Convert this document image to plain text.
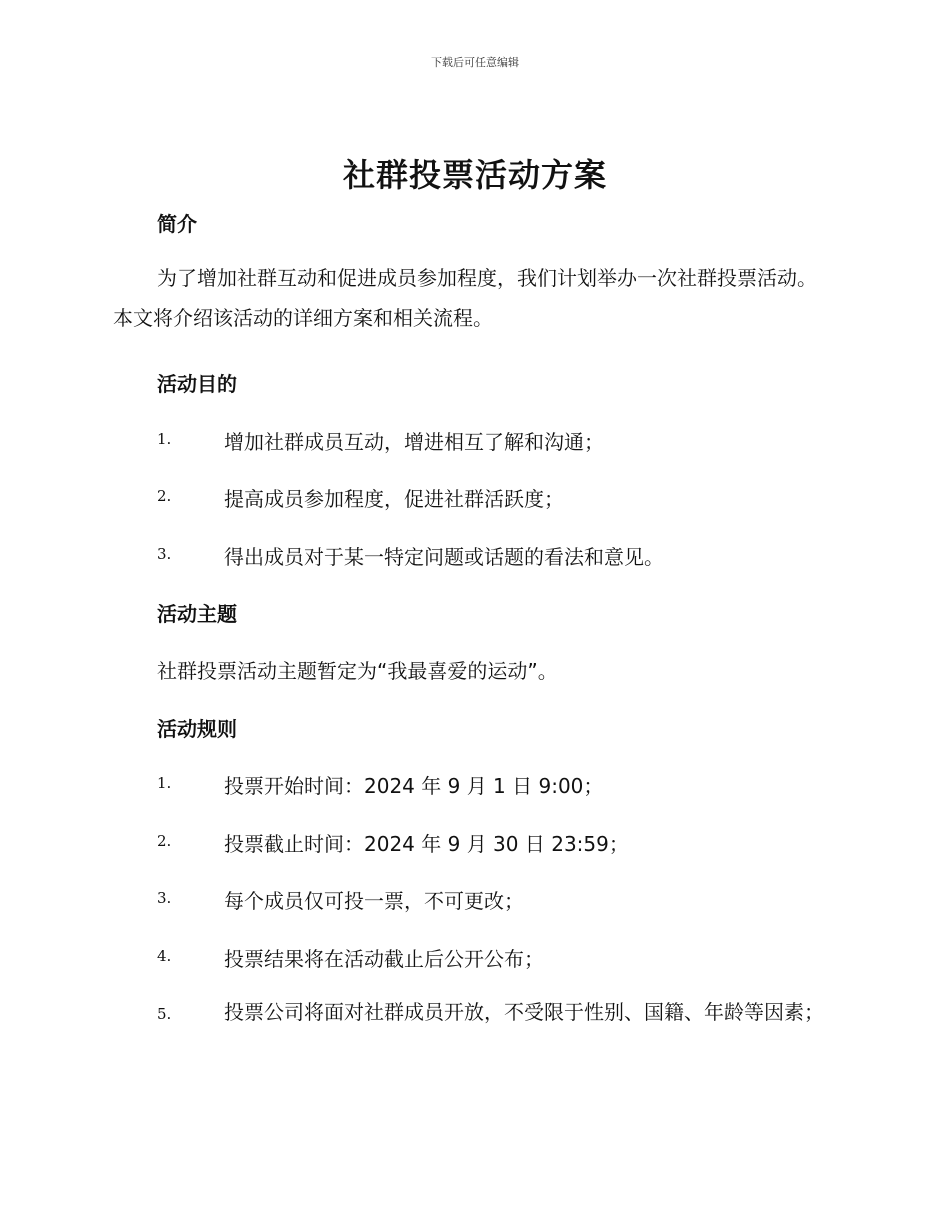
下载后可任意编辑
社群投票活动方案
简介
为了增加社群互动和促进成员参加程度，我们计划举办一次社群投票活动。本文将介绍该活动的详细方案和相关流程。
活动目的
1.	增加社群成员互动，增进相互了解和沟通；
2.	提高成员参加程度，促进社群活跃度；
3.	得出成员对于某一特定问题或话题的看法和意见。
活动主题
社群投票活动主题暂定为“我最喜爱的运动”。
活动规则
1.	投票开始时间：2024 年 9 月 1 日 9:00；
2.	投票截止时间：2024 年 9 月 30 日 23:59；
3.	每个成员仅可投一票，不可更改；
4.	投票结果将在活动截止后公开公布；
5.	投票公司将面对社群成员开放，不受限于性别、国籍、年龄等因素；
